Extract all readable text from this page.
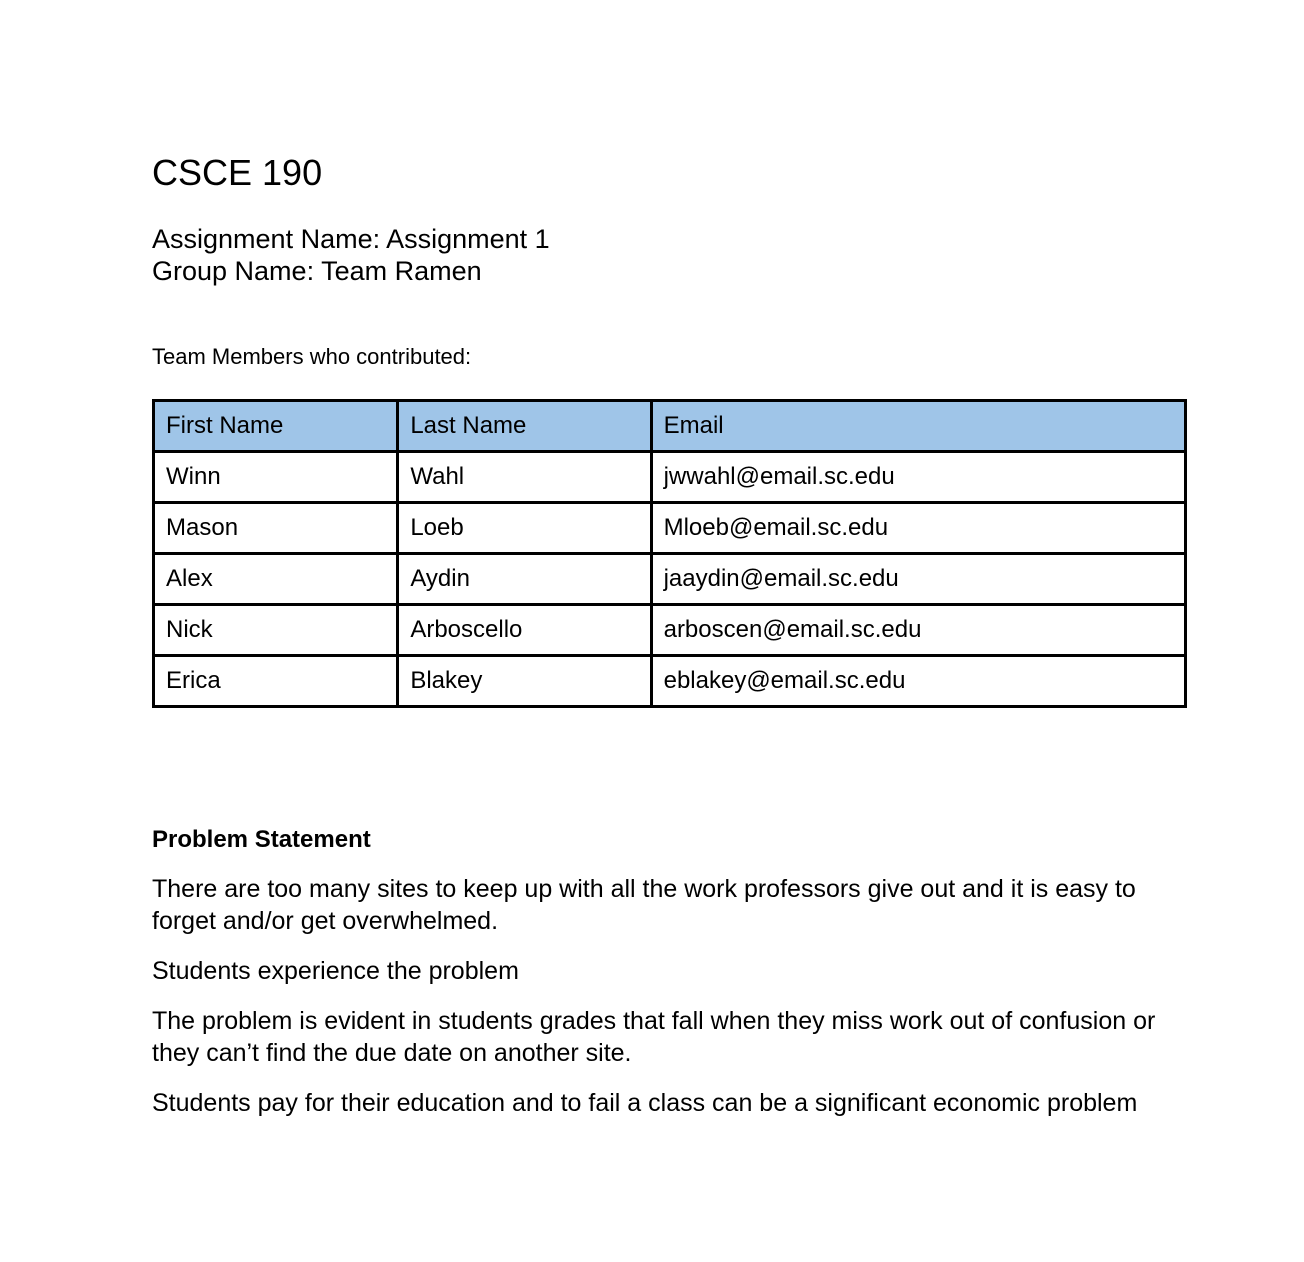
CSCE 190
Assignment Name: Assignment 1
Group Name: Team Ramen
Team Members who contributed:
First Name	Last Name	Email
Winn	Wahl	jwwahl@email.sc.edu
Mason	Loeb	Mloeb@email.sc.edu
Alex	Aydin	jaaydin@email.sc.edu
Nick	Arboscello	arboscen@email.sc.edu
Erica	Blakey	eblakey@email.sc.edu
Problem Statement

There are too many sites to keep up with all the work professors give out and it is easy to forget and/or get overwhelmed.

Students experience the problem

The problem is evident in students grades that fall when they miss work out of confusion or they can’t find the due date on another site.

Students pay for their education and to fail a class can be a significant economic problem
